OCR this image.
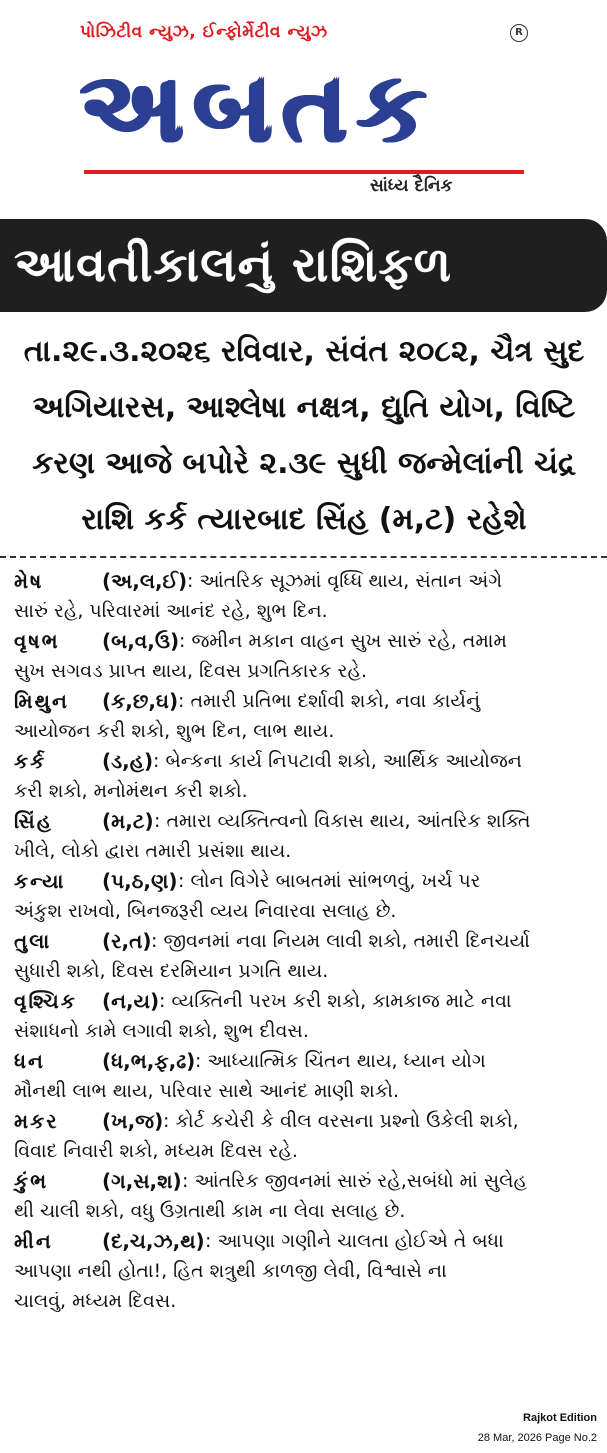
પોઝિટીવ ન્યુઝ, ઈન્ફોર્મેટીવ ન્યુઝ	R
અબતક
સાંધ્ય દૈનિક
આવતીકાલનું રાશિફળ
તા.૨૯.૩.૨૦૨૬ રવિવાર, સંવંત ૨૦૮૨, ચૈત્ર સુદ અગિયારસ, આશ્લેષા નક્ષત્ર, દ્યુતિ યોગ, વિષ્ટિ કરણ આજે બપોરે ૨.૩૯ સુધી જન્મેલાંની ચંદ્ર રાશિ કર્ક ત્યારબાદ સિંહ (મ,ટ) રહેશે
મેષ	(અ,લ,ઈ) : આંતરિક સૂઝમાં વૃધ્ધિ થાય, સંતાન અંગે
સારું રહે, પરિવારમાં આનંદ રહે, શુભ દિન.
વૃષભ	(બ,વ,ઉ) : જમીન મકાન વાહન સુખ સારું રહે, તમામ
સુખ સગવડ પ્રાપ્ત થાય, દિવસ પ્રગતિકારક રહે.
મિથુન	(ક,છ,ઘ) : તમારી પ્રતિભા દર્શાવી શકો, નવા કાર્યનું
આયોજન કરી શકો, શુભ દિન, લાભ થાય.
કર્ક	(ડ,હ) : બેન્કના કાર્ય નિપટાવી શકો, આર્થિક આયોજન
કરી શકો, મનોમંથન કરી શકો.
સિંહ	(મ,ટ) : તમારા વ્યક્તિત્વનો વિકાસ થાય, આંતરિક શક્તિ
ખીલે, લોકો દ્વારા તમારી પ્રસંશા થાય.
કન્યા	(પ,ઠ,ણ) : લોન વિગેરે બાબતમાં સાંભળવું, ખર્ચ પર
અંકુશ રાખવો, બિનજરૂરી વ્યય નિવારવા સલાહ છે.
તુલા	(ર,ત) : જીવનમાં નવા નિયમ લાવી શકો, તમારી દિનચર્યા
સુધારી શકો, દિવસ દરમિયાન પ્રગતિ થાય.
વૃશ્ચિક	(ન,ય) : વ્યક્તિની પરખ કરી શકો, કામકાજ માટે નવા
સંશાધનો કામે લગાવી શકો, શુભ દીવસ.
ધન	(ધ,ભ,ફ,ઢ) : આધ્યાત્મિક ચિંતન થાય, ધ્યાન યોગ
મૌનથી લાભ થાય, પરિવાર સાથે આનંદ માણી શકો.
મકર	(ખ,જ) : કોર્ટ કચેરી કે વીલ વરસના પ્રશ્નો ઉકેલી શકો,
વિવાદ નિવારી શકો, મધ્યમ દિવસ રહે.
કુંભ	(ગ,સ,શ) : આંતરિક જીવનમાં સારું રહે,સબંધો માં સુલેહ
થી ચાલી શકો, વધુ ઉગ્રતાથી કામ ના લેવા સલાહ છે.
મીન	(દ,ચ,ઝ,થ) : આપણા ગણીને ચાલતા હોઈએ તે બધા
આપણા નથી હોતા!, હિત શત્રુથી કાળજી લેવી, વિશ્વાસે ના
ચાલવું, મધ્યમ દિવસ.
Rajkot Edition
28 Mar, 2026 Page No.2
